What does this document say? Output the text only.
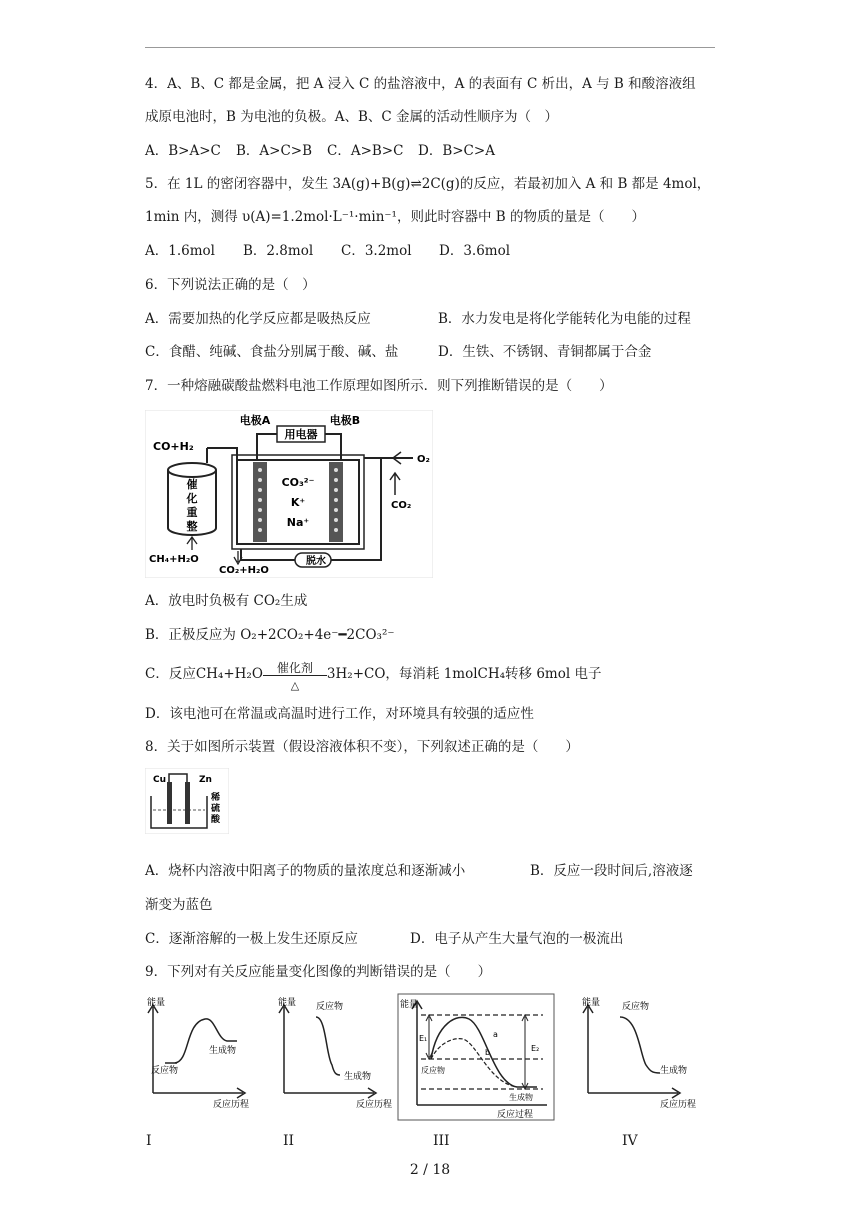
4．A、B、C 都是金属，把 A 浸入 C 的盐溶液中，A 的表面有 C 析出，A 与 B 和酸溶液组
成原电池时，B 为电池的负极。A、B、C 金属的活动性顺序为（　）
A．B>A>C B．A>C>B C．A>B>C D．B>C>A
5．在 1L 的密闭容器中，发生 3A(g)+B(g)⇌2C(g)的反应，若最初加入 A 和 B 都是 4mol，
1min 内，测得 υ(A)=1.2mol·L⁻¹·min⁻¹，则此时容器中 B 的物质的量是（　　）
A．1.6mol B．2.8mol C．3.2mol D．3.6mol
6．下列说法正确的是（　）
A．需要加热的化学反应都是吸热反应	B．水力发电是将化学能转化为电能的过程
C．食醋、纯碱、食盐分别属于酸、碱、盐	D．生铁、不锈钢、青铜都属于合金
7．一种熔融碳酸盐燃料电池工作原理如图所示．则下列推断错误的是（　　）
用电器
电极A	电极B
CO+H₂
O₂
CO₂
催
化
重
整
CH₄+H₂O
CO₃²⁻
K⁺
Na⁺
CO₂+H₂O
脱水
A．放电时负极有 CO₂生成
B．正极反应为 O₂+2CO₂+4e⁻━2CO₃²⁻
C．反应CH₄+H₂O	催化剂
△
3H₂+CO，每消耗 1molCH₄转移 6mol 电子
D．该电池可在常温或高温时进行工作，对环境具有较强的适应性
8．关于如图所示装置（假设溶液体积不变），下列叙述正确的是（　　）
Cu	Zn
稀
硫
酸
A．烧杯内溶液中阳离子的物质的量浓度总和逐渐减小	B．反应一段时间后,溶液逐
渐变为蓝色
C．逐渐溶解的一极上发生还原反应	D．电子从产生大量气泡的一极流出
9．下列对有关反应能量变化图像的判断错误的是（　　）
能量
反应物
生成物
反应历程
能量 反应物
生成物
反应历程
能量
E₁
E₂
a
b
反应物
生成物
反应过程
能量 反应物
生成物
反应历程
I	II	III	IV
2 / 18
